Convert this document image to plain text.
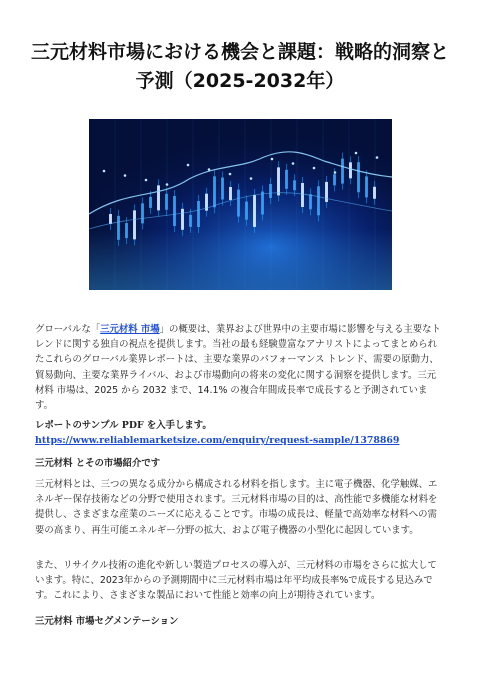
三元材料市場における機会と課題：戦略的洞察と予測（2025-2032年）

グローバルな「三元材料 市場」の概要は、業界および世界中の主要市場に影響を与える主要なトレンドに関する独自の視点を提供します。当社の最も経験豊富なアナリストによってまとめられたこれらのグローバル業界レポートは、主要な業界のパフォーマンス トレンド、需要の原動力、貿易動向、主要な業界ライバル、および市場動向の将来の変化に関する洞察を提供します。三元材料 市場は、2025 から 2032 まで、14.1% の複合年間成長率で成長すると予測されています。

レポートのサンプル PDF を入手します。 https://www.reliablemarketsize.com/enquiry/request-sample/1378869

三元材料 とその市場紹介です

三元材料とは、三つの異なる成分から構成される材料を指します。主に電子機器、化学触媒、エネルギー保存技術などの分野で使用されます。三元材料市場の目的は、高性能で多機能な材料を提供し、さまざまな産業のニーズに応えることです。市場の成長は、軽量で高効率な材料への需要の高まり、再生可能エネルギー分野の拡大、および電子機器の小型化に起因しています。

また、リサイクル技術の進化や新しい製造プロセスの導入が、三元材料の市場をさらに拡大しています。特に、2023年からの予測期間中に三元材料市場は年平均成長率%で成長する見込みです。これにより、さまざまな製品において性能と効率の向上が期待されています。

三元材料 市場セグメンテーション
